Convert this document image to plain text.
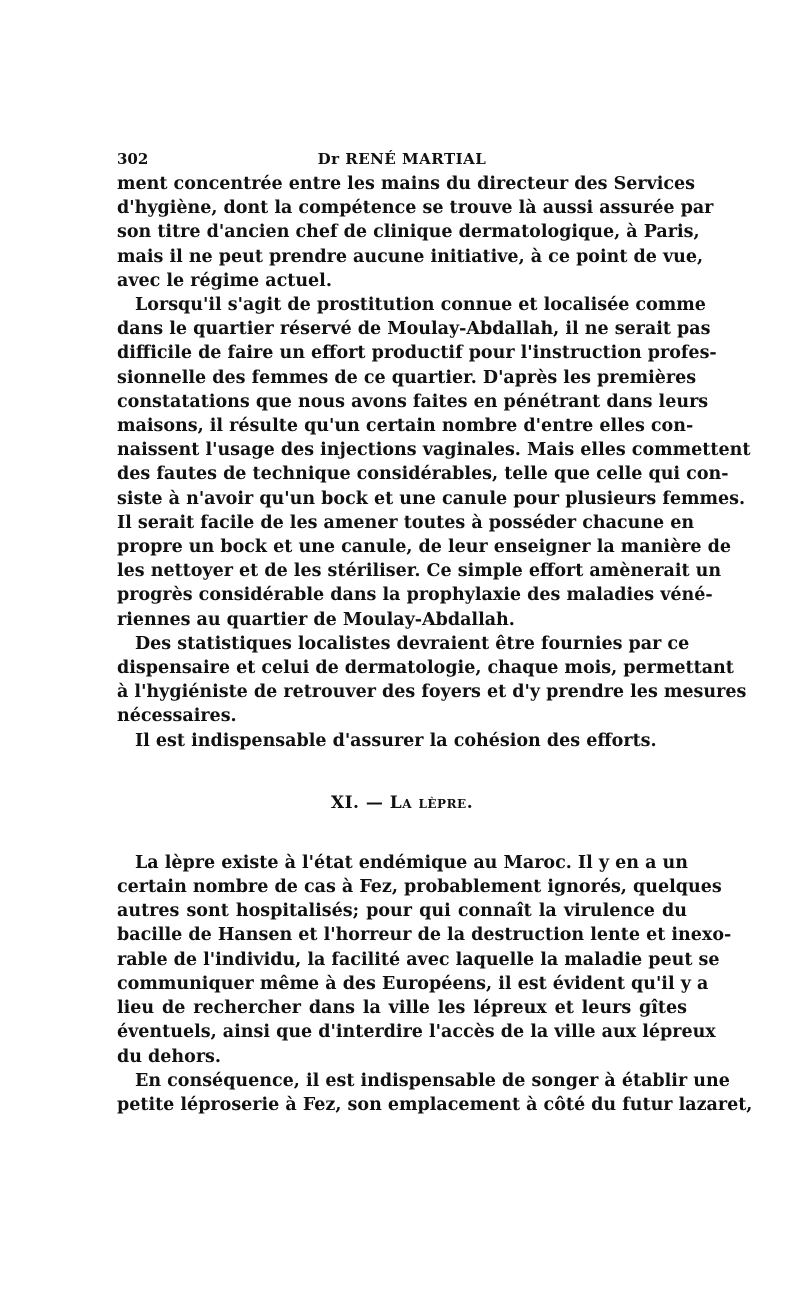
302	Dr RENÉ MARTIAL

ment concentrée entre les mains du directeur des Services
d'hygiène, dont la compétence se trouve là aussi assurée par
son titre d'ancien chef de clinique dermatologique, à Paris,
mais il ne peut prendre aucune initiative, à ce point de vue,
avec le régime actuel.

Lorsqu'il s'agit de prostitution connue et localisée comme
dans le quartier réservé de Moulay-Abdallah, il ne serait pas
difficile de faire un effort productif pour l'instruction profes-
sionnelle des femmes de ce quartier. D'après les premières
constatations que nous avons faites en pénétrant dans leurs
maisons, il résulte qu'un certain nombre d'entre elles con-
naissent l'usage des injections vaginales. Mais elles commettent
des fautes de technique considérables, telle que celle qui con-
siste à n'avoir qu'un bock et une canule pour plusieurs femmes.
Il serait facile de les amener toutes à posséder chacune en
propre un bock et une canule, de leur enseigner la manière de
les nettoyer et de les stériliser. Ce simple effort amènerait un
progrès considérable dans la prophylaxie des maladies véné-
riennes au quartier de Moulay-Abdallah.

Des statistiques localistes devraient être fournies par ce
dispensaire et celui de dermatologie, chaque mois, permettant
à l'hygiéniste de retrouver des foyers et d'y prendre les mesures
nécessaires.

Il est indispensable d'assurer la cohésion des efforts.

XI. — La lèpre.

La lèpre existe à l'état endémique au Maroc. Il y en a un
certain nombre de cas à Fez, probablement ignorés, quelques
autres sont hospitalisés; pour qui connaît la virulence du
bacille de Hansen et l'horreur de la destruction lente et inexo-
rable de l'individu, la facilité avec laquelle la maladie peut se
communiquer même à des Européens, il est évident qu'il y a
lieu de rechercher dans la ville les lépreux et leurs gîtes
éventuels, ainsi que d'interdire l'accès de la ville aux lépreux
du dehors.

En conséquence, il est indispensable de songer à établir une
petite léproserie à Fez, son emplacement à côté du futur lazaret,
